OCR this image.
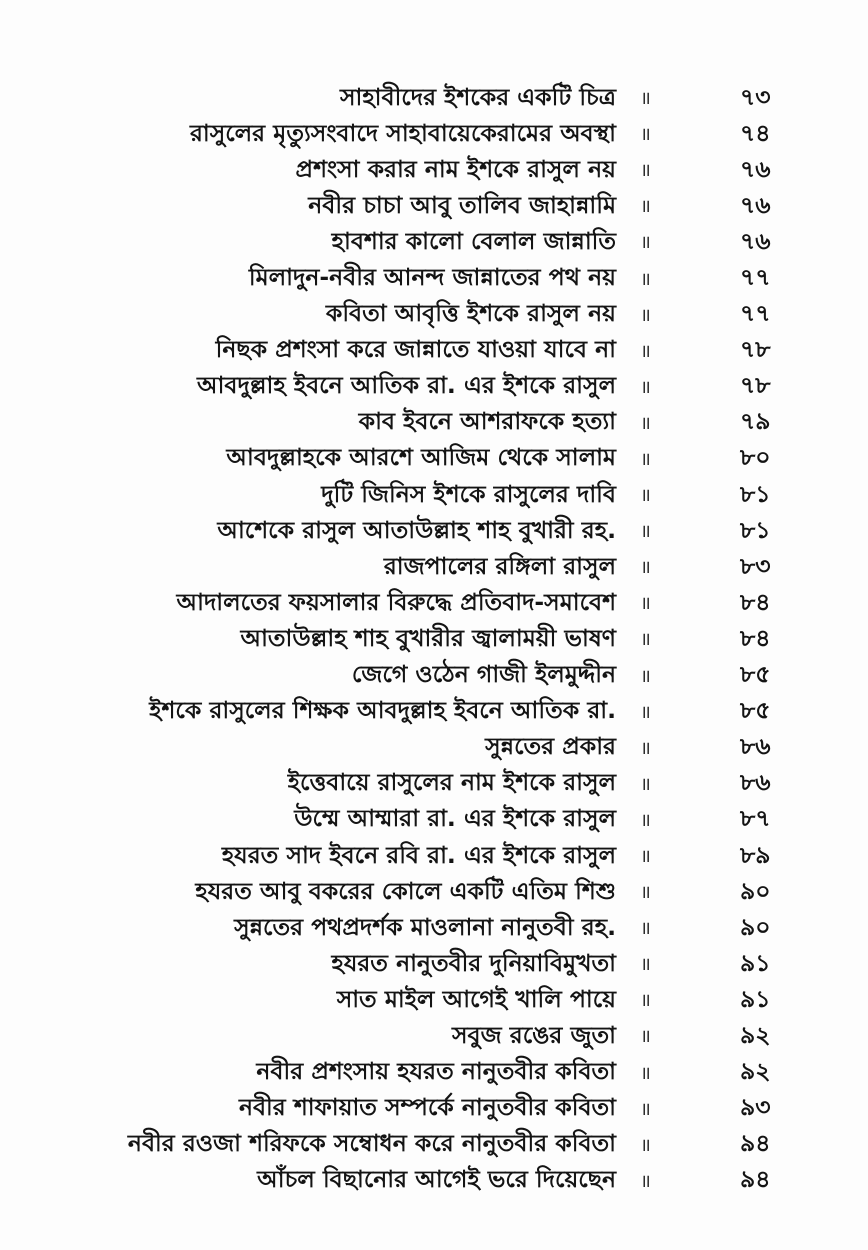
সাহাবীদের ইশকের একটি চিত্র	॥	৭৩
রাসুলের মৃত্যুসংবাদে সাহাবায়েকেরামের অবস্থা	॥	৭৪
প্রশংসা করার নাম ইশকে রাসুল নয়	॥	৭৬
নবীর চাচা আবু তালিব জাহান্নামি	॥	৭৬
হাবশার কালো বেলাল জান্নাতি	॥	৭৬
মিলাদুন-নবীর আনন্দ জান্নাতের পথ নয়	॥	৭৭
কবিতা আবৃত্তি ইশকে রাসুল নয়	॥	৭৭
নিছক প্রশংসা করে জান্নাতে যাওয়া যাবে না	॥	৭৮
আবদুল্লাহ ইবনে আতিক রা. এর ইশকে রাসুল	॥	৭৮
কাব ইবনে আশরাফকে হত্যা	॥	৭৯
আবদুল্লাহকে আরশে আজিম থেকে সালাম	॥	৮০
দুটি জিনিস ইশকে রাসুলের দাবি	॥	৮১
আশেকে রাসুল আতাউল্লাহ শাহ বুখারী রহ.	॥	৮১
রাজপালের রঙ্গিলা রাসুল	॥	৮৩
আদালতের ফয়সালার বিরুদ্ধে প্রতিবাদ-সমাবেশ	॥	৮৪
আতাউল্লাহ শাহ বুখারীর জ্বালাময়ী ভাষণ	॥	৮৪
জেগে ওঠেন গাজী ইলমুদ্দীন	॥	৮৫
ইশকে রাসুলের শিক্ষক আবদুল্লাহ ইবনে আতিক রা.	॥	৮৫
সুন্নতের প্রকার	॥	৮৬
ইত্তেবায়ে রাসুলের নাম ইশকে রাসুল	॥	৮৬
উম্মে আম্মারা রা. এর ইশকে রাসুল	॥	৮৭
হযরত সাদ ইবনে রবি রা. এর ইশকে রাসুল	॥	৮৯
হযরত আবু বকরের কোলে একটি এতিম শিশু	॥	৯০
সুন্নতের পথপ্রদর্শক মাওলানা নানুতবী রহ.	॥	৯০
হযরত নানুতবীর দুনিয়াবিমুখতা	॥	৯১
সাত মাইল আগেই খালি পায়ে	॥	৯১
সবুজ রঙের জুতা	॥	৯২
নবীর প্রশংসায় হযরত নানুতবীর কবিতা	॥	৯২
নবীর শাফায়াত সম্পর্কে নানুতবীর কবিতা	॥	৯৩
নবীর রওজা শরিফকে সম্বোধন করে নানুতবীর কবিতা	॥	৯৪
আঁচল বিছানোর আগেই ভরে দিয়েছেন	॥	৯৪
